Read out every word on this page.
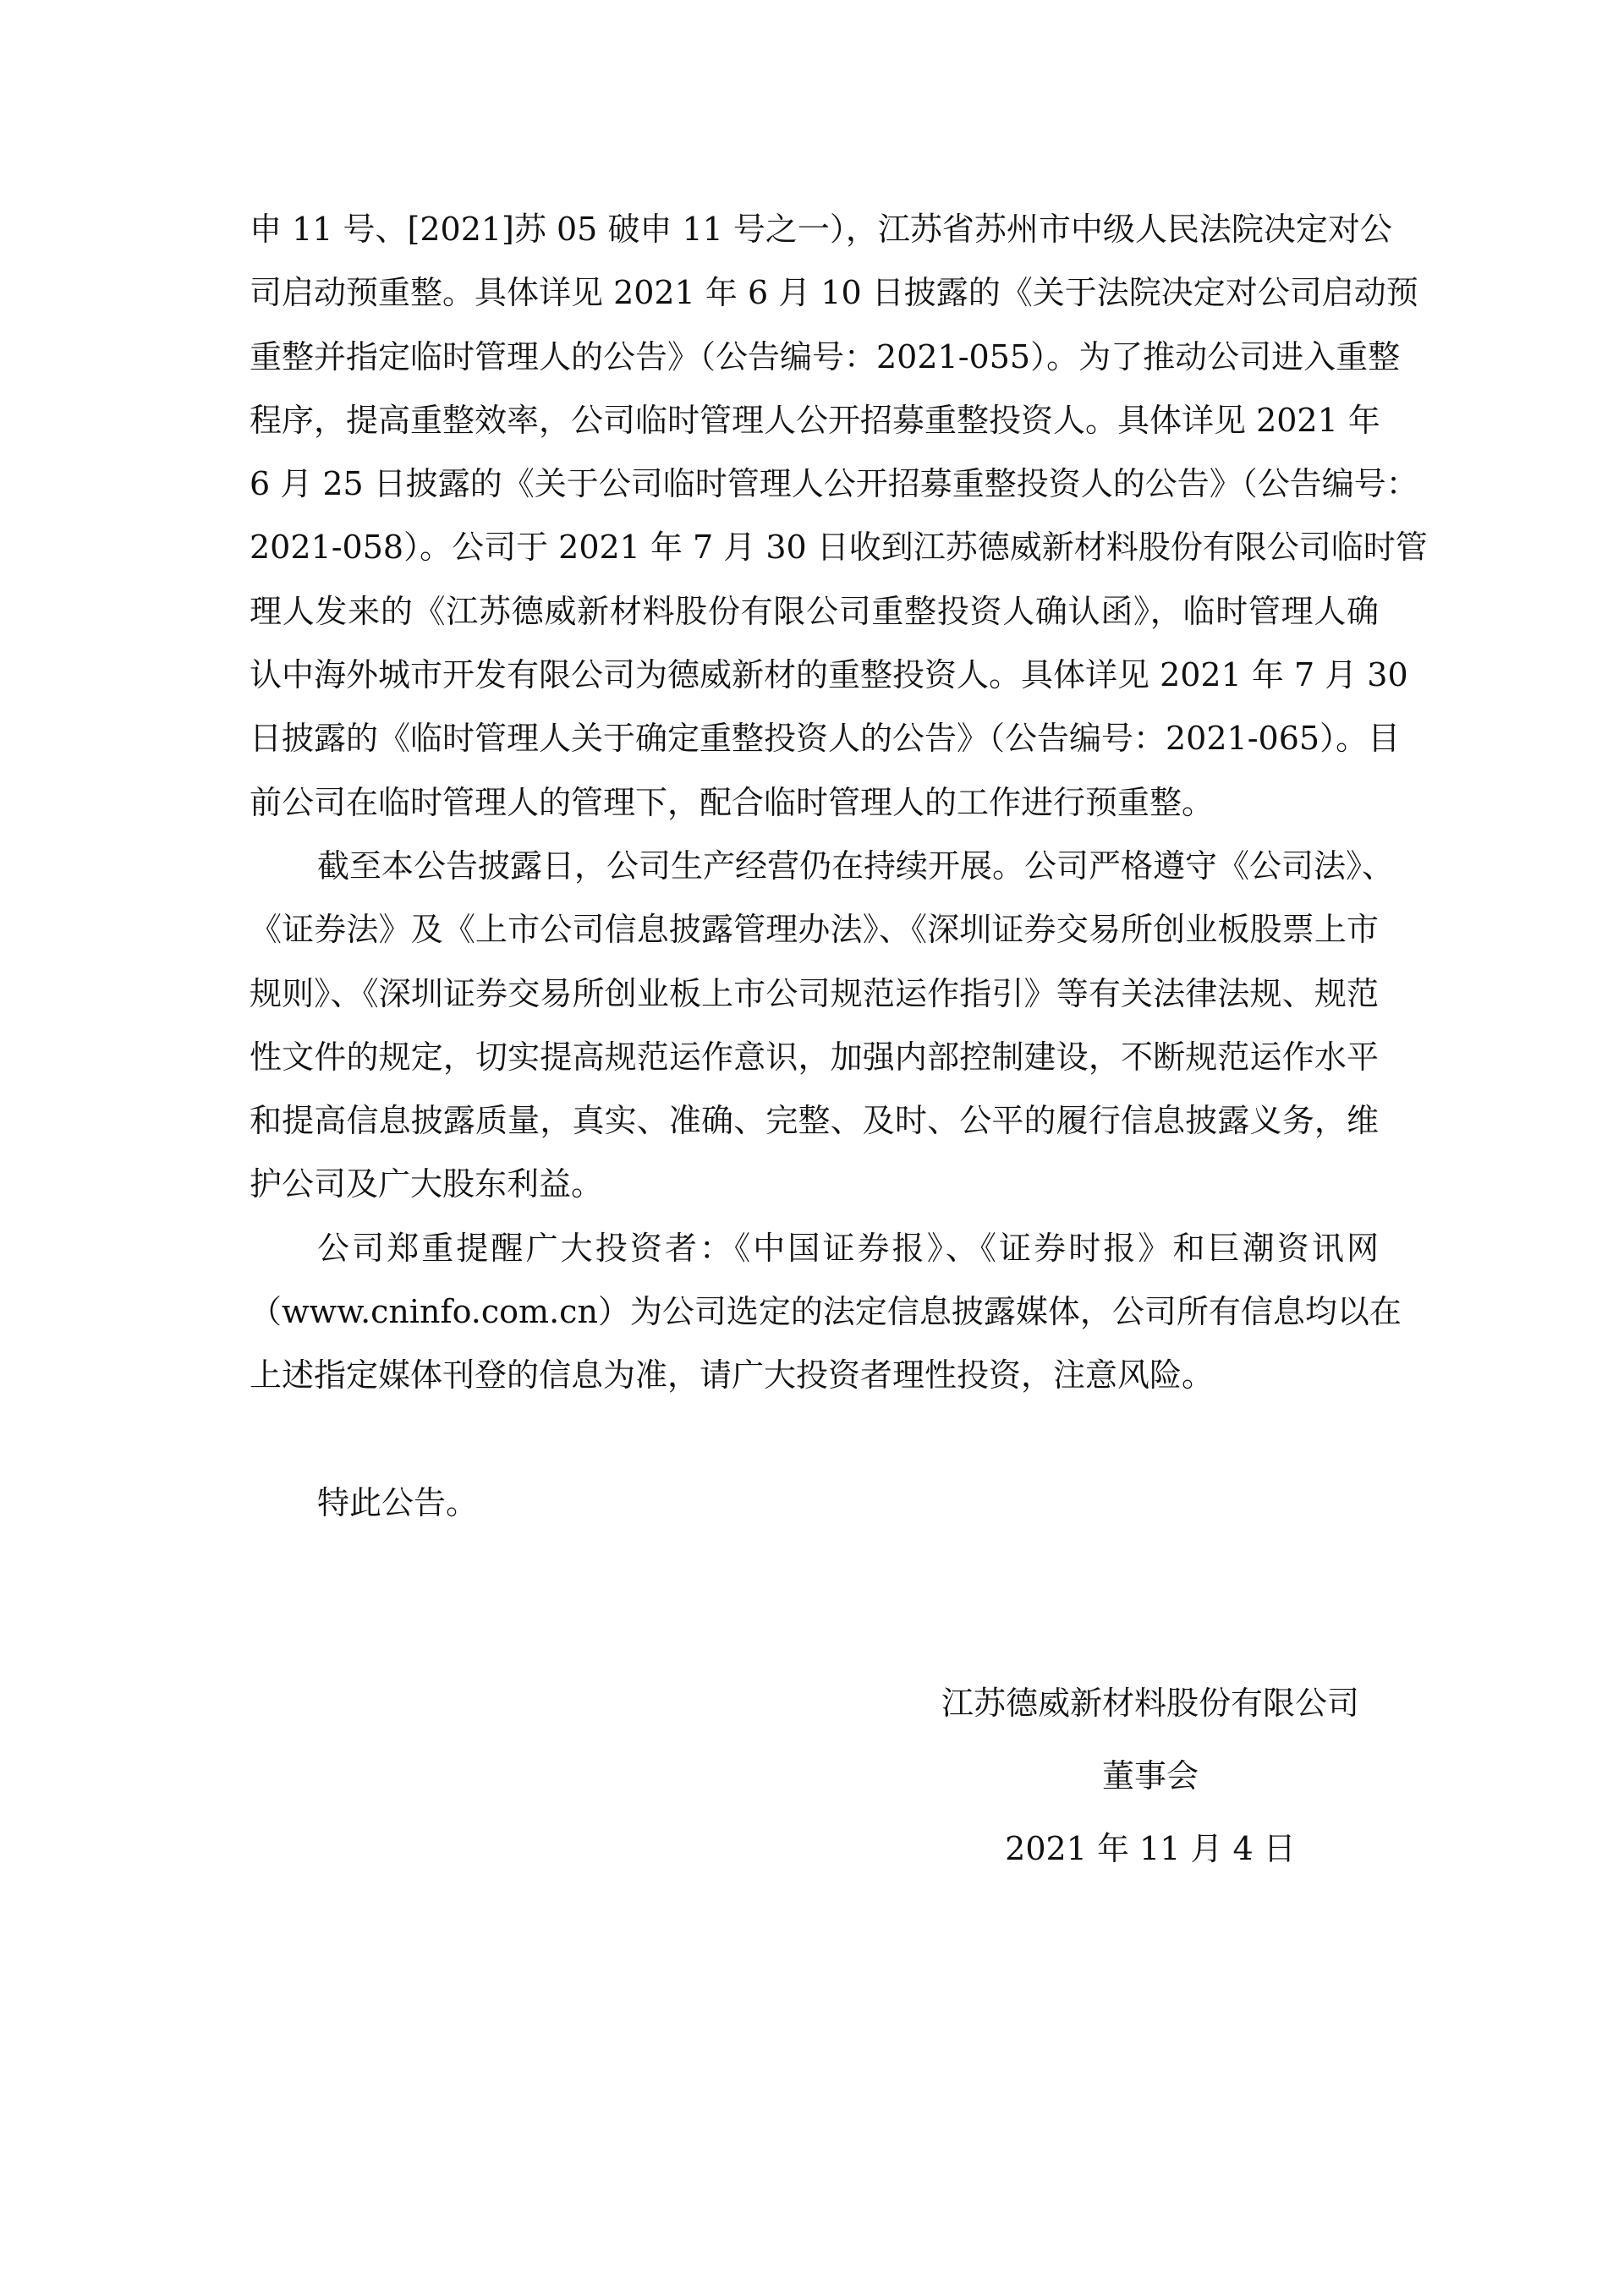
申 11 号、[2021]苏 05 破申 11 号之一），江苏省苏州市中级人民法院决定对公
司启动预重整。具体详见 2021 年 6 月 10 日披露的《关于法院决定对公司启动预
重整并指定临时管理人的公告》（公告编号：2021-055）。为了推动公司进入重整
程序，提高重整效率，公司临时管理人公开招募重整投资人。具体详见 2021 年
6 月 25 日披露的《关于公司临时管理人公开招募重整投资人的公告》（公告编号：
2021-058）。公司于 2021 年 7 月 30 日收到江苏德威新材料股份有限公司临时管
理人发来的《江苏德威新材料股份有限公司重整投资人确认函》，临时管理人确
认中海外城市开发有限公司为德威新材的重整投资人。具体详见 2021 年 7 月 30
日披露的《临时管理人关于确定重整投资人的公告》（公告编号：2021-065）。目
前公司在临时管理人的管理下，配合临时管理人的工作进行预重整。
截至本公告披露日，公司生产经营仍在持续开展。公司严格遵守《公司法》、
《证券法》及《上市公司信息披露管理办法》、《深圳证券交易所创业板股票上市
规则》、《深圳证券交易所创业板上市公司规范运作指引》等有关法律法规、规范
性文件的规定，切实提高规范运作意识，加强内部控制建设，不断规范运作水平
和提高信息披露质量，真实、准确、完整、及时、公平的履行信息披露义务，维
护公司及广大股东利益。
公司郑重提醒广大投资者：《中国证券报》、《证券时报》和巨潮资讯网
（www.cninfo.com.cn）为公司选定的法定信息披露媒体，公司所有信息均以在
上述指定媒体刊登的信息为准，请广大投资者理性投资，注意风险。
特此公告。
江苏德威新材料股份有限公司
董事会
2021 年 11 月 4 日
